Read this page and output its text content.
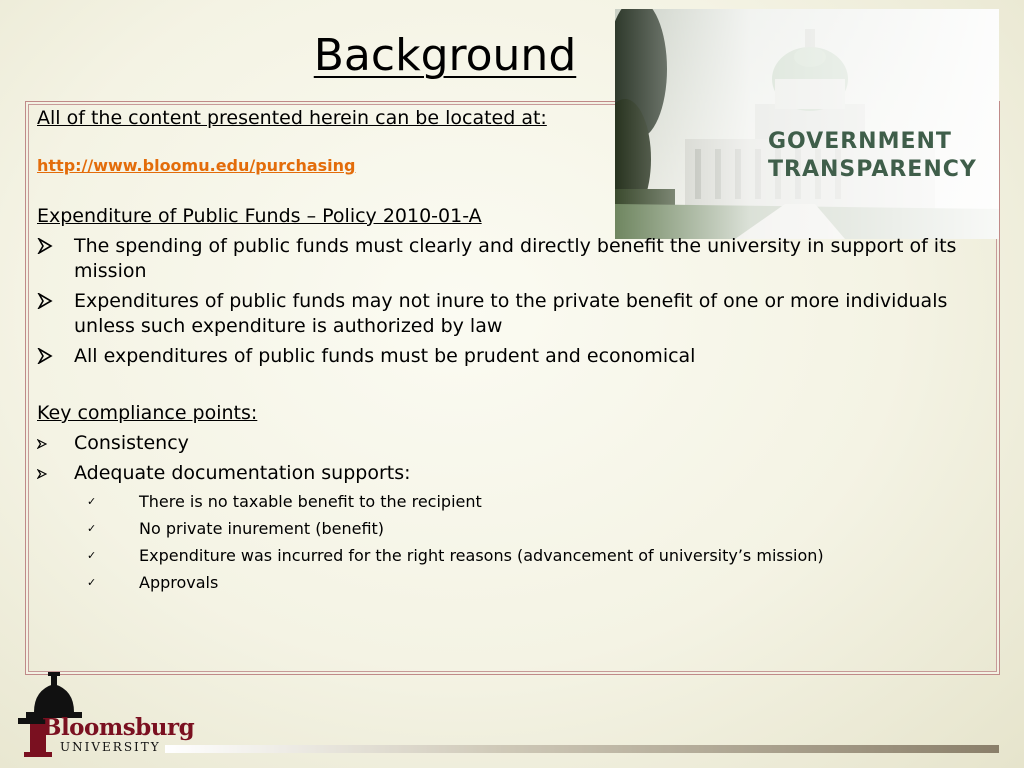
Background
GOVERNMENT
TRANSPARENCY
All of the content presented herein can be located at:
http://www.bloomu.edu/purchasing
Expenditure of Public Funds – Policy 2010-01-A
The spending of public funds must clearly and directly benefit the university in support of its mission
Expenditures of public funds may not inure to the private benefit of one or more individuals unless such expenditure is authorized by law
All expenditures of public funds must be prudent and economical
Key compliance points:
Consistency
Adequate documentation supports:
✓	There is no taxable benefit to the recipient
✓	No private inurement (benefit)
✓	Expenditure was incurred for the right reasons (advancement of university’s mission)
✓	Approvals
Bloomsburg
UNIVERSITY
